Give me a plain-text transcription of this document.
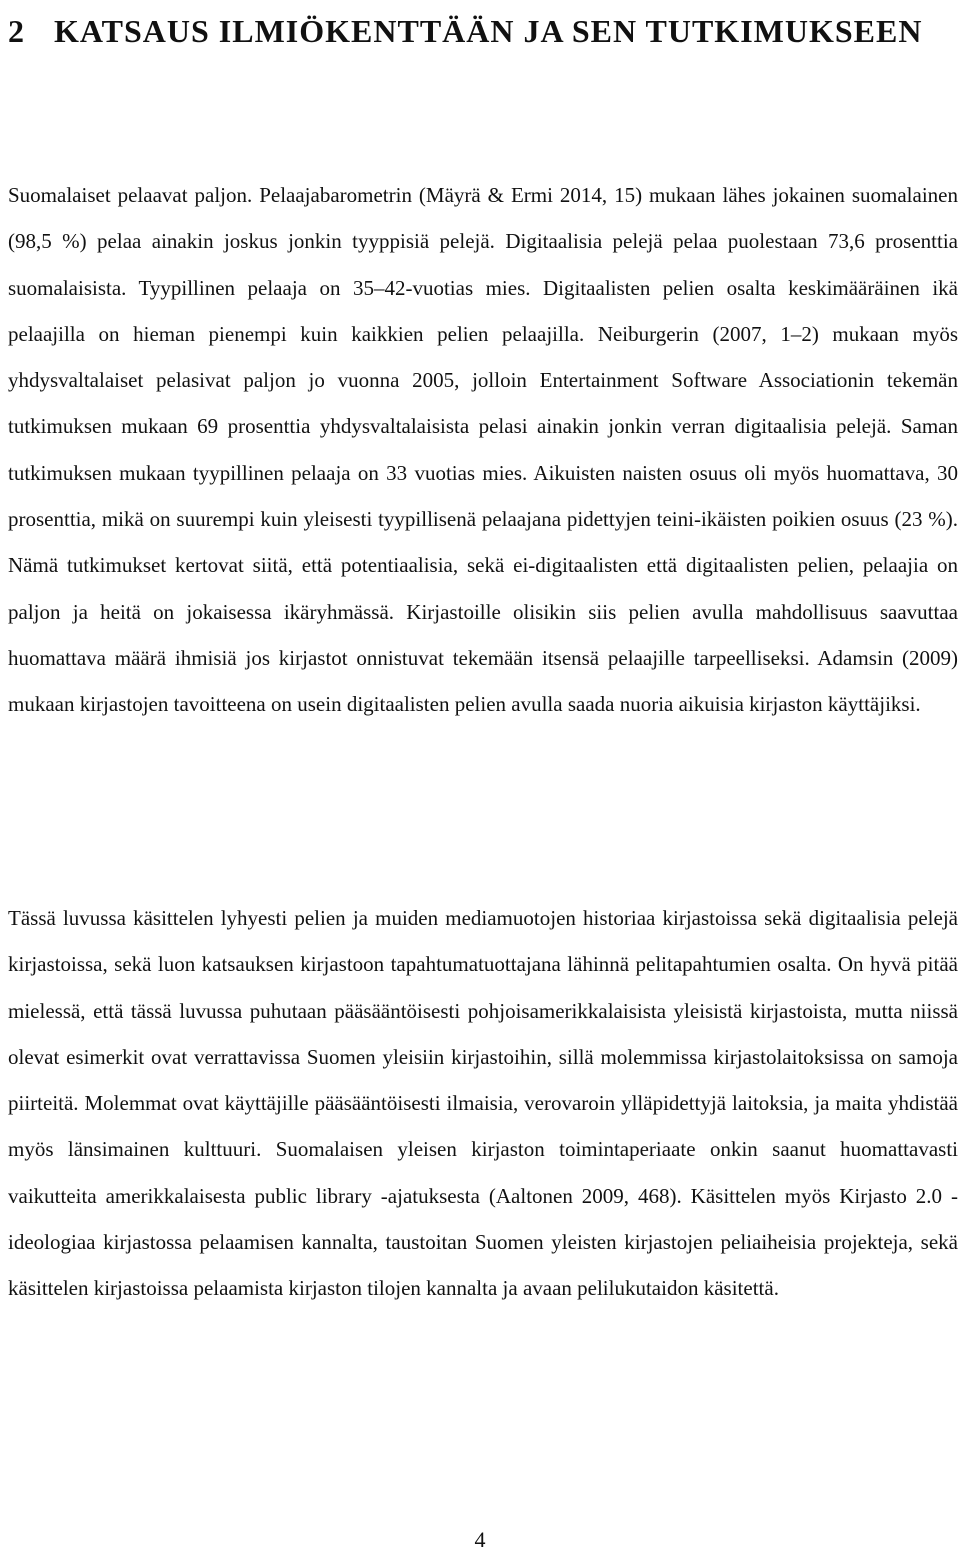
2 KATSAUS ILMIÖKENTTÄÄN JA SEN TUTKIMUKSEEN

Suomalaiset pelaavat paljon. Pelaajabarometrin (Mäyrä & Ermi 2014, 15) mukaan lähes jokainen suomalainen (98,5 %) pelaa ainakin joskus jonkin tyyppisiä pelejä. Digitaalisia pelejä pelaa puolestaan 73,6 prosenttia suomalaisista. Tyypillinen pelaaja on 35–42-vuotias mies. Digitaalisten pelien osalta keskimääräinen ikä pelaajilla on hieman pienempi kuin kaikkien pelien pelaajilla. Neiburgerin (2007, 1–2) mukaan myös yhdysvaltalaiset pelasivat paljon jo vuonna 2005, jolloin Entertainment Software Associationin tekemän tutkimuksen mukaan 69 prosenttia yhdysvaltalaisista pelasi ainakin jonkin verran digitaalisia pelejä. Saman tutkimuksen mukaan tyypillinen pelaaja on 33 vuotias mies. Aikuisten naisten osuus oli myös huomattava, 30 prosenttia, mikä on suurempi kuin yleisesti tyypillisenä pelaajana pidettyjen teini-ikäisten poikien osuus (23 %). Nämä tutkimukset kertovat siitä, että potentiaalisia, sekä ei-digitaalisten että digitaalisten pelien, pelaajia on paljon ja heitä on jokaisessa ikäryhmässä. Kirjastoille olisikin siis pelien avulla mahdollisuus saavuttaa huomattava määrä ihmisiä jos kirjastot onnistuvat tekemään itsensä pelaajille tarpeelliseksi. Adamsin (2009) mukaan kirjastojen tavoitteena on usein digitaalisten pelien avulla saada nuoria aikuisia kirjaston käyttäjiksi.

Tässä luvussa käsittelen lyhyesti pelien ja muiden mediamuotojen historiaa kirjastoissa sekä digitaalisia pelejä kirjastoissa, sekä luon katsauksen kirjastoon tapahtumatuottajana lähinnä pelitapahtumien osalta. On hyvä pitää mielessä, että tässä luvussa puhutaan pääsääntöisesti pohjoisamerikkalaisista yleisistä kirjastoista, mutta niissä olevat esimerkit ovat verrattavissa Suomen yleisiin kirjastoihin, sillä molemmissa kirjastolaitoksissa on samoja piirteitä. Molemmat ovat käyttäjille pääsääntöisesti ilmaisia, verovaroin ylläpidettyjä laitoksia, ja maita yhdistää myös länsimainen kulttuuri. Suomalaisen yleisen kirjaston toimintaperiaate onkin saanut huomattavasti vaikutteita amerikkalaisesta public library -ajatuksesta (Aaltonen 2009, 468). Käsittelen myös Kirjasto 2.0 -ideologiaa kirjastossa pelaamisen kannalta, taustoitan Suomen yleisten kirjastojen peliaiheisia projekteja, sekä käsittelen kirjastoissa pelaamista kirjaston tilojen kannalta ja avaan pelilukutaidon käsitettä.

4
